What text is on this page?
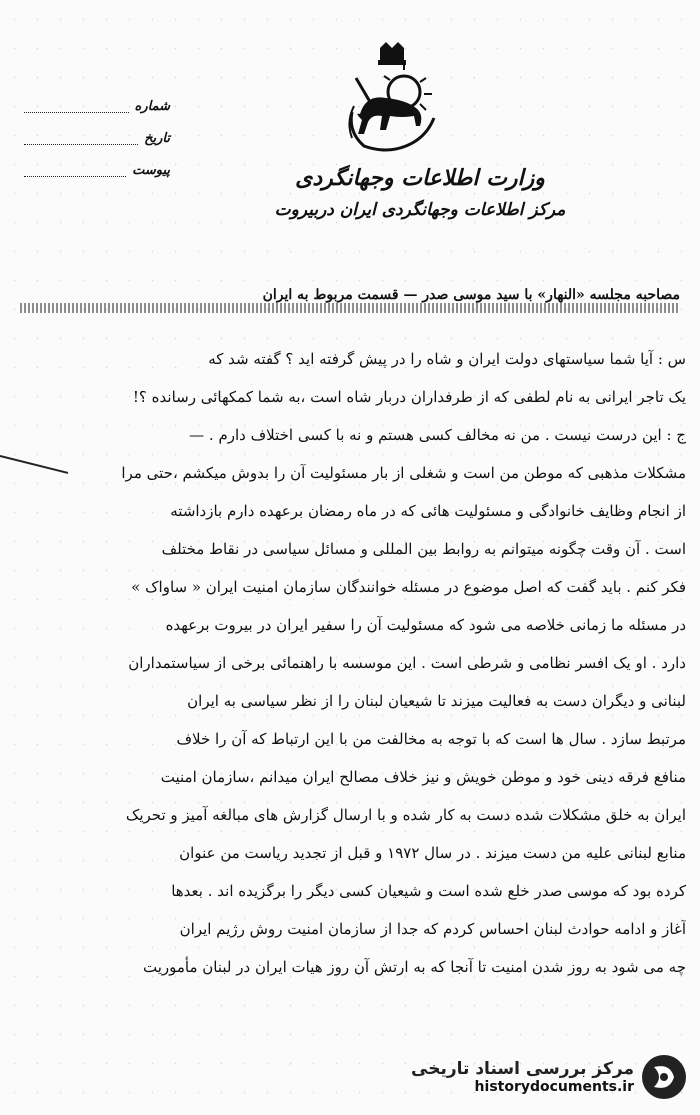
شماره
تاریخ
پیوست	وزارت اطلاعات وجهانگردی
مرکز اطلاعات وجهانگردی ایران دربیروت
مصاحبه مجلسه «النهار» با سید موسی صدر — قسمت مربوط به ایران

س : آیا شما سیاستهای دولت ایران و شاه را در پیش گرفته اید ؟ گفته شد که

یک تاجر ایرانی به نام لطفی که از طرفداران دربار شاه است ،به شما کمکهائی رسانده ؟!

ج : این درست نیست . من نه مخالف کسی هستم و نه با کسی اختلاف دارم . —

مشکلات مذهبی که موطن من است و شغلی از بار مسئولیت آن را بدوش میکشم ،حتی مرا

از انجام وظایف خانوادگی و مسئولیت هائی که در ماه رمضان برعهده دارم بازداشته

است . آن وقت چگونه میتوانم به روابط بین المللی و مسائل سیاسی در نقاط مختلف

فکر کنم . باید گفت که اصل موضوع در مسئله خوانندگان سازمان امنیت ایران « ساواک »

در مسئله ما زمانی خلاصه می شود که مسئولیت آن را سفیر ایران در بیروت برعهده

دارد . او یک افسر نظامی و شرطی است . این موسسه با راهنمائی برخی از سیاستمداران

لبنانی و دیگران دست به فعالیت میزند تا شیعیان لبنان را از نظر سیاسی به ایران

مرتبط سازد . سال ها است که با توجه به مخالفت من با این ارتباط که آن را خلاف

منافع فرقه دینی خود و موطن خویش و نیز خلاف مصالح ایران میدانم ،سازمان امنیت

ایران به خلق مشکلات شده دست به کار شده و با ارسال گزارش های مبالغه آمیز و تحریک

منابع لبنانی علیه من دست میزند . در سال ۱۹۷۲ و قبل از تجدید ریاست من عنوان

کرده بود که موسی صدر خلع شده است و شیعیان کسی دیگر را برگزیده اند . بعدها

آغاز و ادامه حوادث لبنان احساس کردم که جدا از سازمان امنیت روش رژیم ایران

چه می شود به روز شدن امنیت تا آنجا که به ارتش آن روز هیات ایران در لبنان مأموریت

مرکز بررسی اسناد تاریخی
historydocuments.ir
